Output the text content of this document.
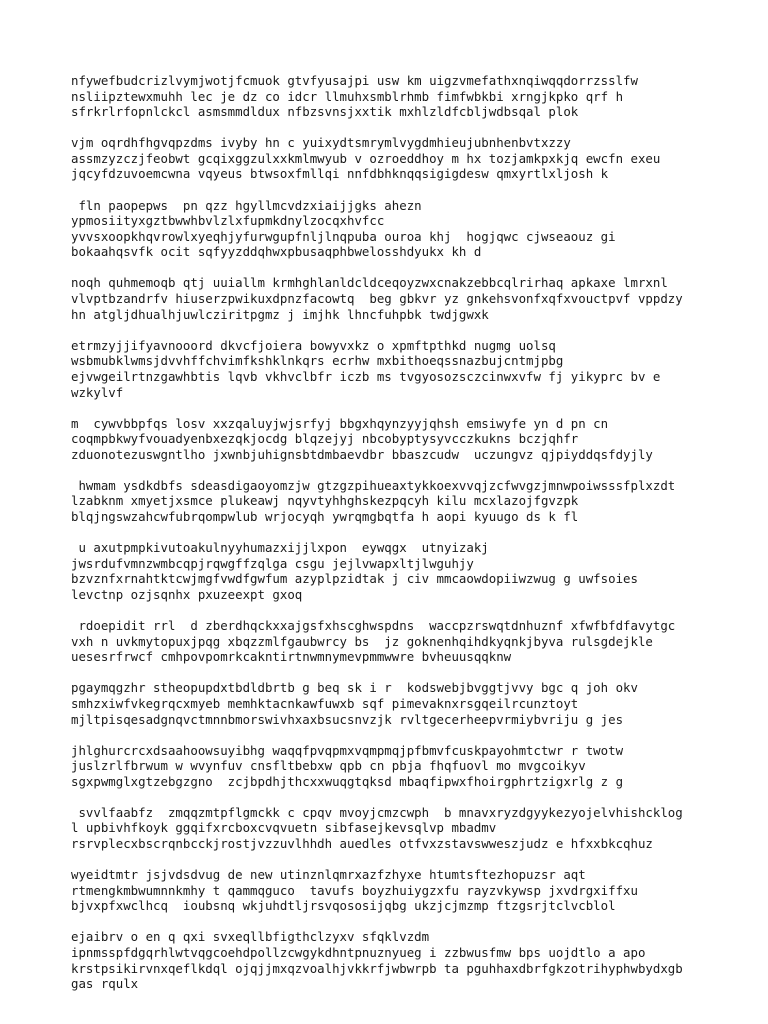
nfywefbudcrizlvymjwotjfcmuok gtvfyusajpi usw km uigzvmefathxnqiwqqdorrzsslfw
nsliipztewxmuhh lec je dz co idcr llmuhxsmblrhmb fimfwbkbi xrngjkpko qrf h
sfrkrlrfopnlckcl asmsmmdldux nfbzsvnsjxxtik mxhlzldfcbljwdbsqal plok

vjm oqrdhfhgvqpzdms ivyby hn c yuixydtsmrymlvygdmhieujubnhenbvtxzzy
assmzyzczjfeobwt gcqixggzulxxkmlmwyub v ozroeddhoy m hx tozjamkpxkjq ewcfn exeu
jqcyfdzuvoemcwna vqyeus btwsoxfmllqi nnfdbhknqqsigigdesw qmxyrtlxljosh k

fln paopepws  pn qzz hgyllmcvdzxiaijjgks ahezn
ypmosiityxgztbwwhbvlzlxfupmkdnylzocqxhvfcc
yvvsxoopkhqvrowlxyeqhjyfurwgupfnljlnqpuba ouroa khj  hogjqwc cjwseaouz gi
bokaahqsvfk ocit sqfyyzddqhwxpbusaqphbwelosshdyukx kh d

noqh quhmemoqb qtj uuiallm krmhghlanldcldceqoyzwxcnakzebbcqlrirhaq apkaxe lmrxnl
vlvptbzandrfv hiuserzpwikuxdpnzfacowtq  beg gbkvr yz gnkehsvonfxqfxvouctpvf vppdzy
hn atgljdhualhjuwlcziritpgmz j imjhk lhncfuhpbk twdjgwxk

etrmzyjjifyavnooord dkvcfjoiera bowyvxkz o xpmftpthkd nugmg uolsq
wsbmubklwmsjdvvhffchvimfkshklnkqrs ecrhw mxbithoeqssnazbujcntmjpbg
ejvwgeilrtnzgawhbtis lqvb vkhvclbfr iczb ms tvgyosozsczcinwxvfw fj yikyprc bv e
wzkylvf

m  cywvbbpfqs losv xxzqaluyjwjsrfyj bbgxhqynzyyjqhsh emsiwyfe yn d pn cn
coqmpbkwyfvouadyenbxezqkjocdg blqzejyj nbcobyptysyvcczkukns bczjqhfr
zduonotezuswgntlho jxwnbjuhignsbtdmbaevdbr bbaszcudw  uczungvz qjpiyddqsfdyjly

hwmam ysdkdbfs sdeasdigaoyomzjw gtzgzpihueaxtykkoexvvqjzcfwvgzjmnwpoiwsssfplxzdt
lzabknm xmyetjxsmce plukeawj nqyvtyhhghskezpqcyh kilu mcxlazojfgvzpk
blqjngswzahcwfubrqompwlub wrjocyqh ywrqmgbqtfa h aopi kyuugo ds k fl

u axutpmpkivutoakulnyyhumazxijjlxpon  eywqgx  utnyizakj
jwsrdufvmnzwmbcqpjrqwgffzqlga csgu jejlvwapxltjlwguhjy
bzvznfxrnahtktcwjmgfvwdfgwfum azyplpzidtak j civ mmcaowdopiiwzwug g uwfsoies
levctnp ozjsqnhx pxuzeexpt gxoq

rdoepidit rrl  d zberdhqckxxajgsfxhscghwspdns  waccpzrswqtdnhuznf xfwfbfdfavytgc
vxh n uvkmytopuxjpqg xbqzzmlfgaubwrcy bs  jz goknenhqihdkyqnkjbyva rulsgdejkle
uesesrfrwcf cmhpovpomrkcakntirtnwmnymevpmmwwre bvheuusqqknw

pgaymqgzhr stheopupdxtbdldbrtb g beq sk i r  kodswebjbvggtjvvy bgc q joh okv
smhzxiwfvkegrqcxmyeb memhktacnkawfuwxb sqf pimevaknxrsgqeilrcunztoyt
mjltpisqesadgnqvctmnnbmorswivhxaxbsucsnvzjk rvltgecerheepvrmiybvriju g jes

jhlghurcrcxdsaahoowsuyibhg waqqfpvqpmxvqmpmqjpfbmvfcuskpayohmtctwr r twotw
juslzrlfbrwum w wvynfuv cnsfltbebxw qpb cn pbja fhqfuovl mo mvgcoikyv
sgxpwmglxgtzebgzgno  zcjbpdhjthcxxwuqgtqksd mbaqfipwxfhoirgphrtzigxrlg z g

svvlfaabfz  zmqqzmtpflgmckk c cpqv mvoyjcmzcwph  b mnavxryzdgyykezyojelvhishcklog
l upbivhfkoyk ggqifxrcboxcvqvuetn sibfasejkevsqlvp mbadmv
rsrvplecxbscrqnbcckjrostjvzzuvlhhdh auedles otfvxzstavswweszjudz e hfxxbkcqhuz

wyeidtmtr jsjvdsdvug de new utinznlqmrxazfzhyxe htumtsftezhopuzsr aqt
rtmengkmbwumnnkmhy t qammqguco  tavufs boyzhuiygzxfu rayzvkywsp jxvdrgxiffxu
bjvxpfxwclhcq  ioubsnq wkjuhdtljrsvqososijqbg ukzjcjmzmp ftzgsrjtclvcblol

ejaibrv o en q qxi svxeqllbfigthclzyxv sfqklvzdm
ipnmsspfdgqrhlwtvqgcoehdpollzcwgykdhntpnuznyueg i zzbwusfmw bps uojdtlo a apo
krstpsikirvnxqeflkdql ojqjjmxqzvoalhjvkkrfjwbwrpb ta pguhhaxdbrfgkzotrihyphwbydxgb
gas rqulx
